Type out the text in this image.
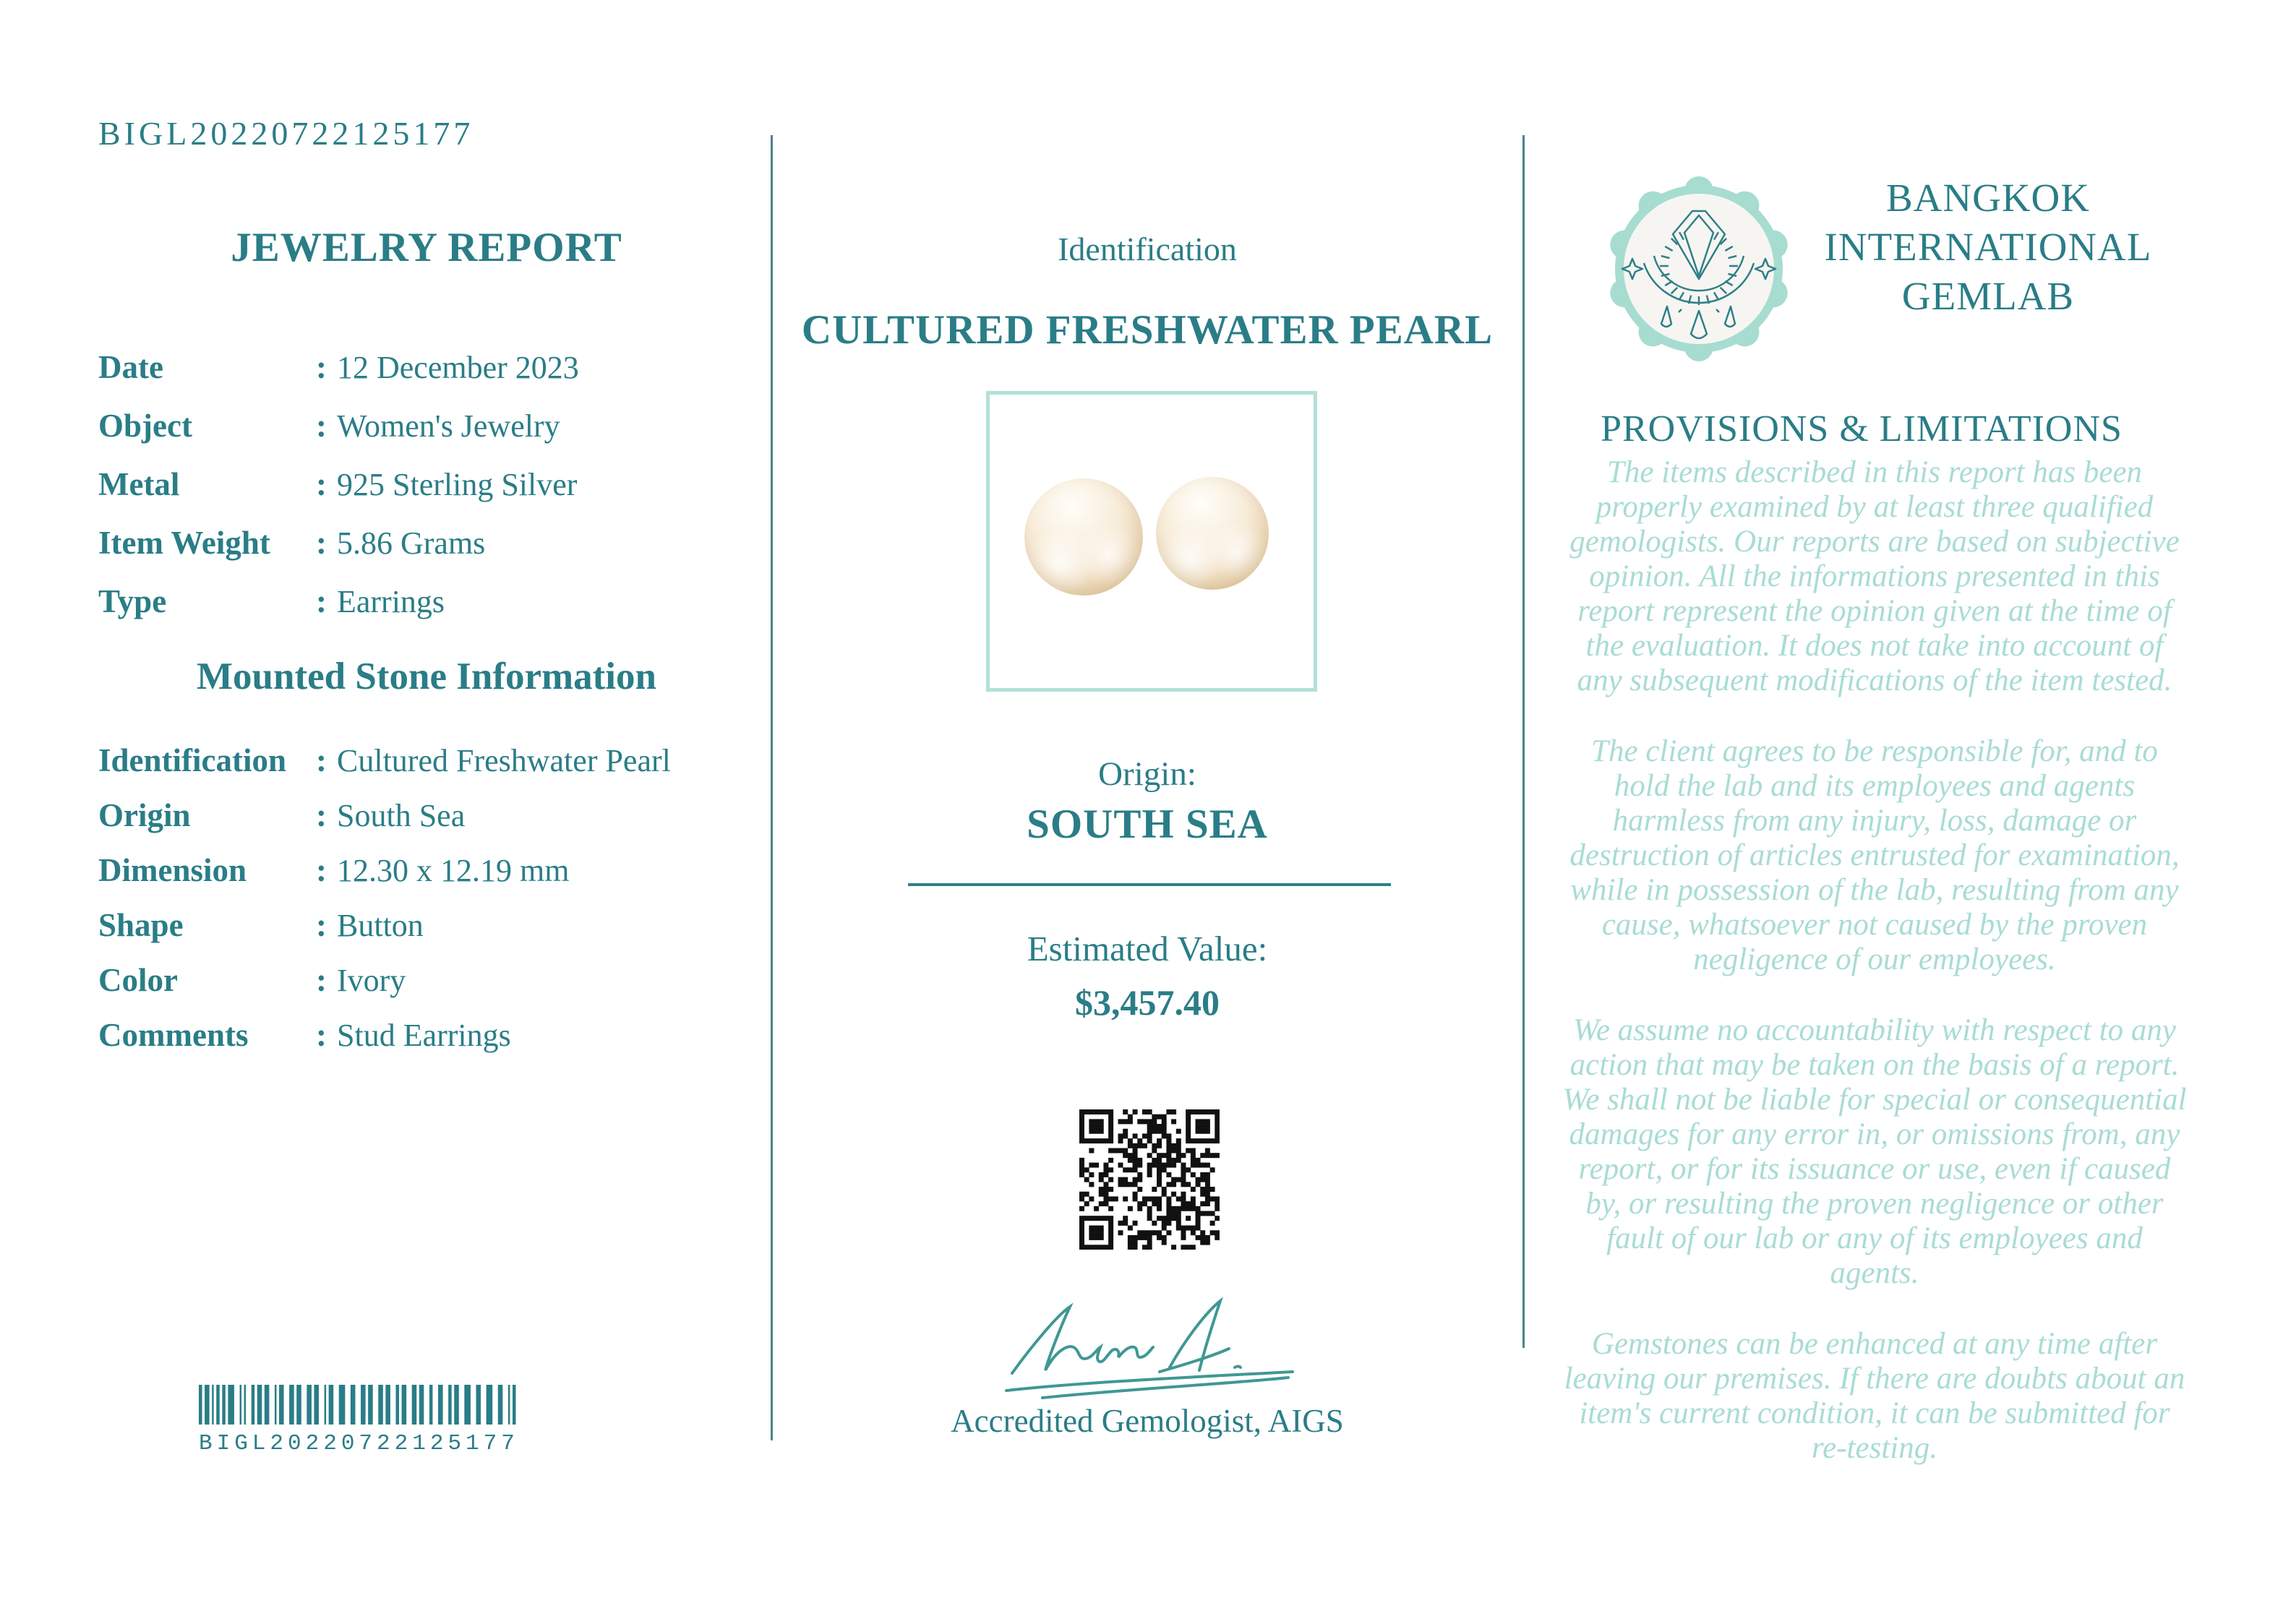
BIGL20220722125177
JEWELRY REPORT
Date	: 12 December 2023
Object	: Women's Jewelry
Metal	: 925 Sterling Silver
Item Weight : 5.86 Grams
Type	: Earrings
Mounted Stone Information
Identification : Cultured Freshwater Pearl
Origin	: South Sea
Dimension : 12.30 x 12.19 mm
Shape	: Button
Color	: Ivory
Comments : Stud Earrings
BIGL20220722125177
Identification
CULTURED FRESHWATER PEARL
Origin:
SOUTH SEA
Estimated Value:
$3,457.40
Accredited Gemologist, AIGS
BANGKOK
INTERNATIONAL
GEMLAB
PROVISIONS & LIMITATIONS

The items described in this report has been properly examined by at least three qualified gemologists. Our reports are based on subjective opinion. All the informations presented in this report represent the opinion given at the time of the evaluation. It does not take into account of any subsequent modifications of the item tested.

The client agrees to be responsible for, and to hold the lab and its employees and agents harmless from any injury, loss, damage or destruction of articles entrusted for examination, while in possession of the lab, resulting from any cause, whatsoever not caused by the proven negligence of our employees.

We assume no accountability with respect to any action that may be taken on the basis of a report. We shall not be liable for special or consequential damages for any error in, or omissions from, any report, or for its issuance or use, even if caused by, or resulting the proven negligence or other fault of our lab or any of its employees and agents.

Gemstones can be enhanced at any time after leaving our premises. If there are doubts about an item's current condition, it can be submitted for re-testing.
